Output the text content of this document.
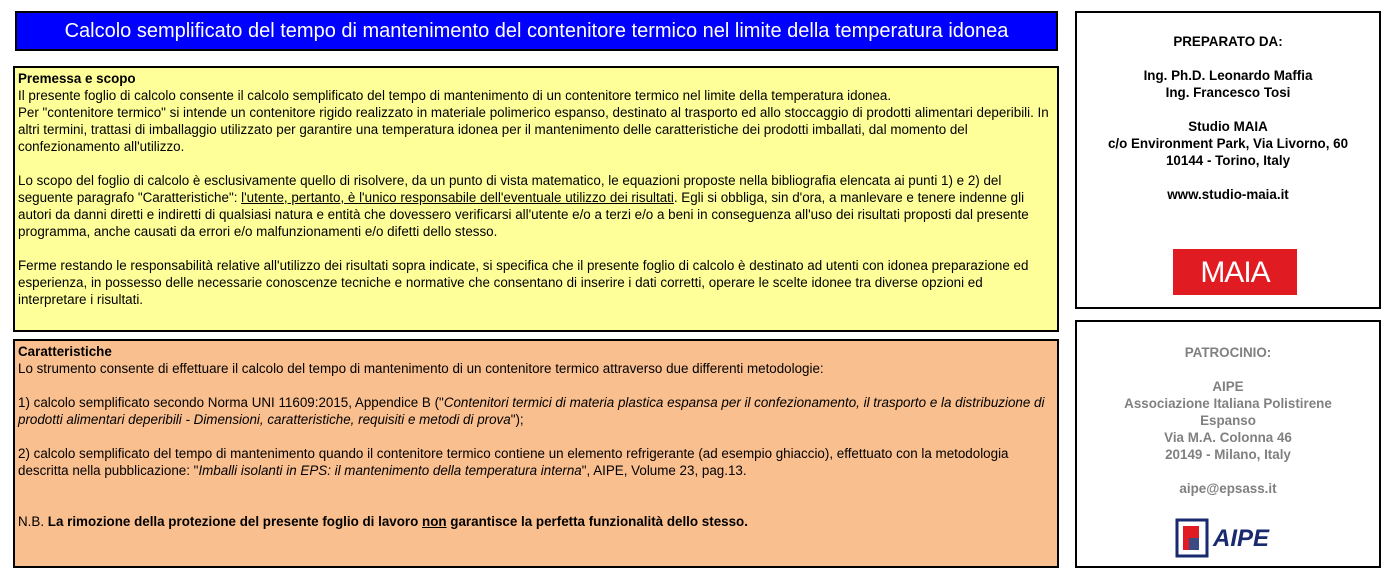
Calcolo semplificato del tempo di mantenimento del contenitore termico nel limite della temperatura idonea

Premessa e scopo

Il presente foglio di calcolo consente il calcolo semplificato del tempo di mantenimento di un contenitore termico nel limite della temperatura idonea.

Per "contenitore termico" si intende un contenitore rigido realizzato in materiale polimerico espanso, destinato al trasporto ed allo stoccaggio di prodotti alimentari deperibili. In altri termini, trattasi di imballaggio utilizzato per garantire una temperatura idonea per il mantenimento delle caratteristiche dei prodotti imballati, dal momento del confezionamento all'utilizzo.

Lo scopo del foglio di calcolo è esclusivamente quello di risolvere, da un punto di vista matematico, le equazioni proposte nella bibliografia elencata ai punti 1) e 2) del seguente paragrafo "Caratteristiche": l'utente, pertanto, è l'unico responsabile dell'eventuale utilizzo dei risultati. Egli si obbliga, sin d'ora, a manlevare e tenere indenne gli autori da danni diretti e indiretti di qualsiasi natura e entità che dovessero verificarsi all'utente e/o a terzi e/o a beni in conseguenza all'uso dei risultati proposti dal presente programma, anche causati da errori e/o malfunzionamenti e/o difetti dello stesso.

Ferme restando le responsabilità relative all'utilizzo dei risultati sopra indicate, si specifica che il presente foglio di calcolo è destinato ad utenti con idonea preparazione ed esperienza, in possesso delle necessarie conoscenze tecniche e normative che consentano di inserire i dati corretti, operare le scelte idonee tra diverse opzioni ed interpretare i risultati.

Caratteristiche

Lo strumento consente di effettuare il calcolo del tempo di mantenimento di un contenitore termico attraverso due differenti metodologie:

1) calcolo semplificato secondo Norma UNI 11609:2015, Appendice B ("Contenitori termici di materia plastica espansa per il confezionamento, il trasporto e la distribuzione di prodotti alimentari deperibili - Dimensioni, caratteristiche, requisiti e metodi di prova");

2) calcolo semplificato del tempo di mantenimento quando il contenitore termico contiene un elemento refrigerante (ad esempio ghiaccio), effettuato con la metodologia descritta nella pubblicazione: "Imballi isolanti in EPS: il mantenimento della temperatura interna", AIPE, Volume 23, pag.13.

N.B. La rimozione della protezione del presente foglio di lavoro non garantisce la perfetta funzionalità dello stesso.

PREPARATO DA:

Ing. Ph.D. Leonardo Maffia

Ing. Francesco Tosi

Studio MAIA

c/o Environment Park, Via Livorno, 60

10144 - Torino, Italy

www.studio-maia.it

MAIA

PATROCINIO:

AIPE

Associazione Italiana Polistirene

Espanso

Via M.A. Colonna 46

20149 - Milano, Italy

aipe@epsass.it

AIPE
